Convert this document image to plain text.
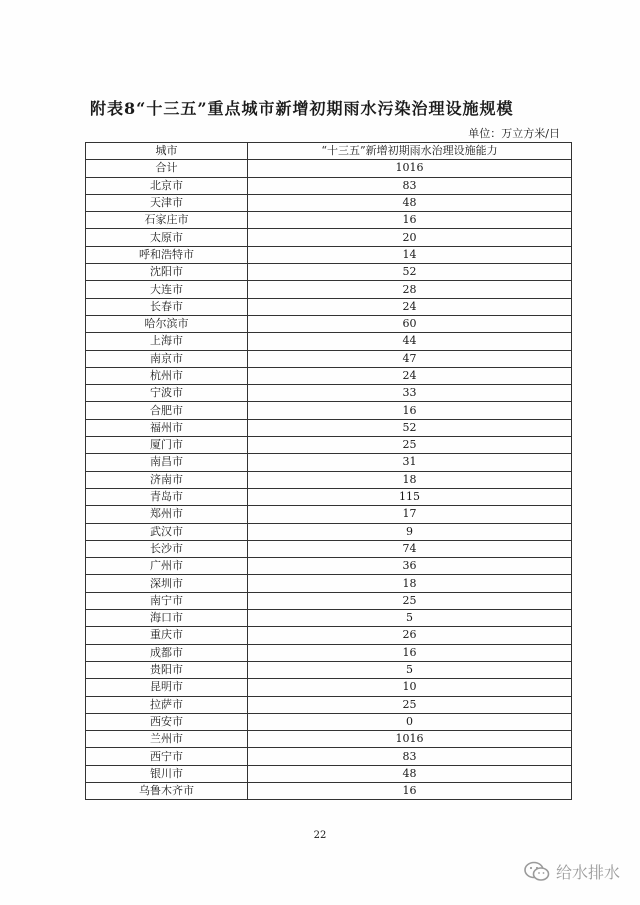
附表8“十三五”重点城市新增初期雨水污染治理设施规模
单位：万立方米/日
城市	“十三五”新增初期雨水治理设施能力
合计	1016
北京市	83
天津市	48
石家庄市	16
太原市	20
呼和浩特市	14
沈阳市	52
大连市	28
长春市	24
哈尔滨市	60
上海市	44
南京市	47
杭州市	24
宁波市	33
合肥市	16
福州市	52
厦门市	25
南昌市	31
济南市	18
青岛市	115
郑州市	17
武汉市	9
长沙市	74
广州市	36
深圳市	18
南宁市	25
海口市	5
重庆市	26
成都市	16
贵阳市	5
昆明市	10
拉萨市	25
西安市	0
兰州市	1016
西宁市	83
银川市	48
乌鲁木齐市	16
22
给水排水
